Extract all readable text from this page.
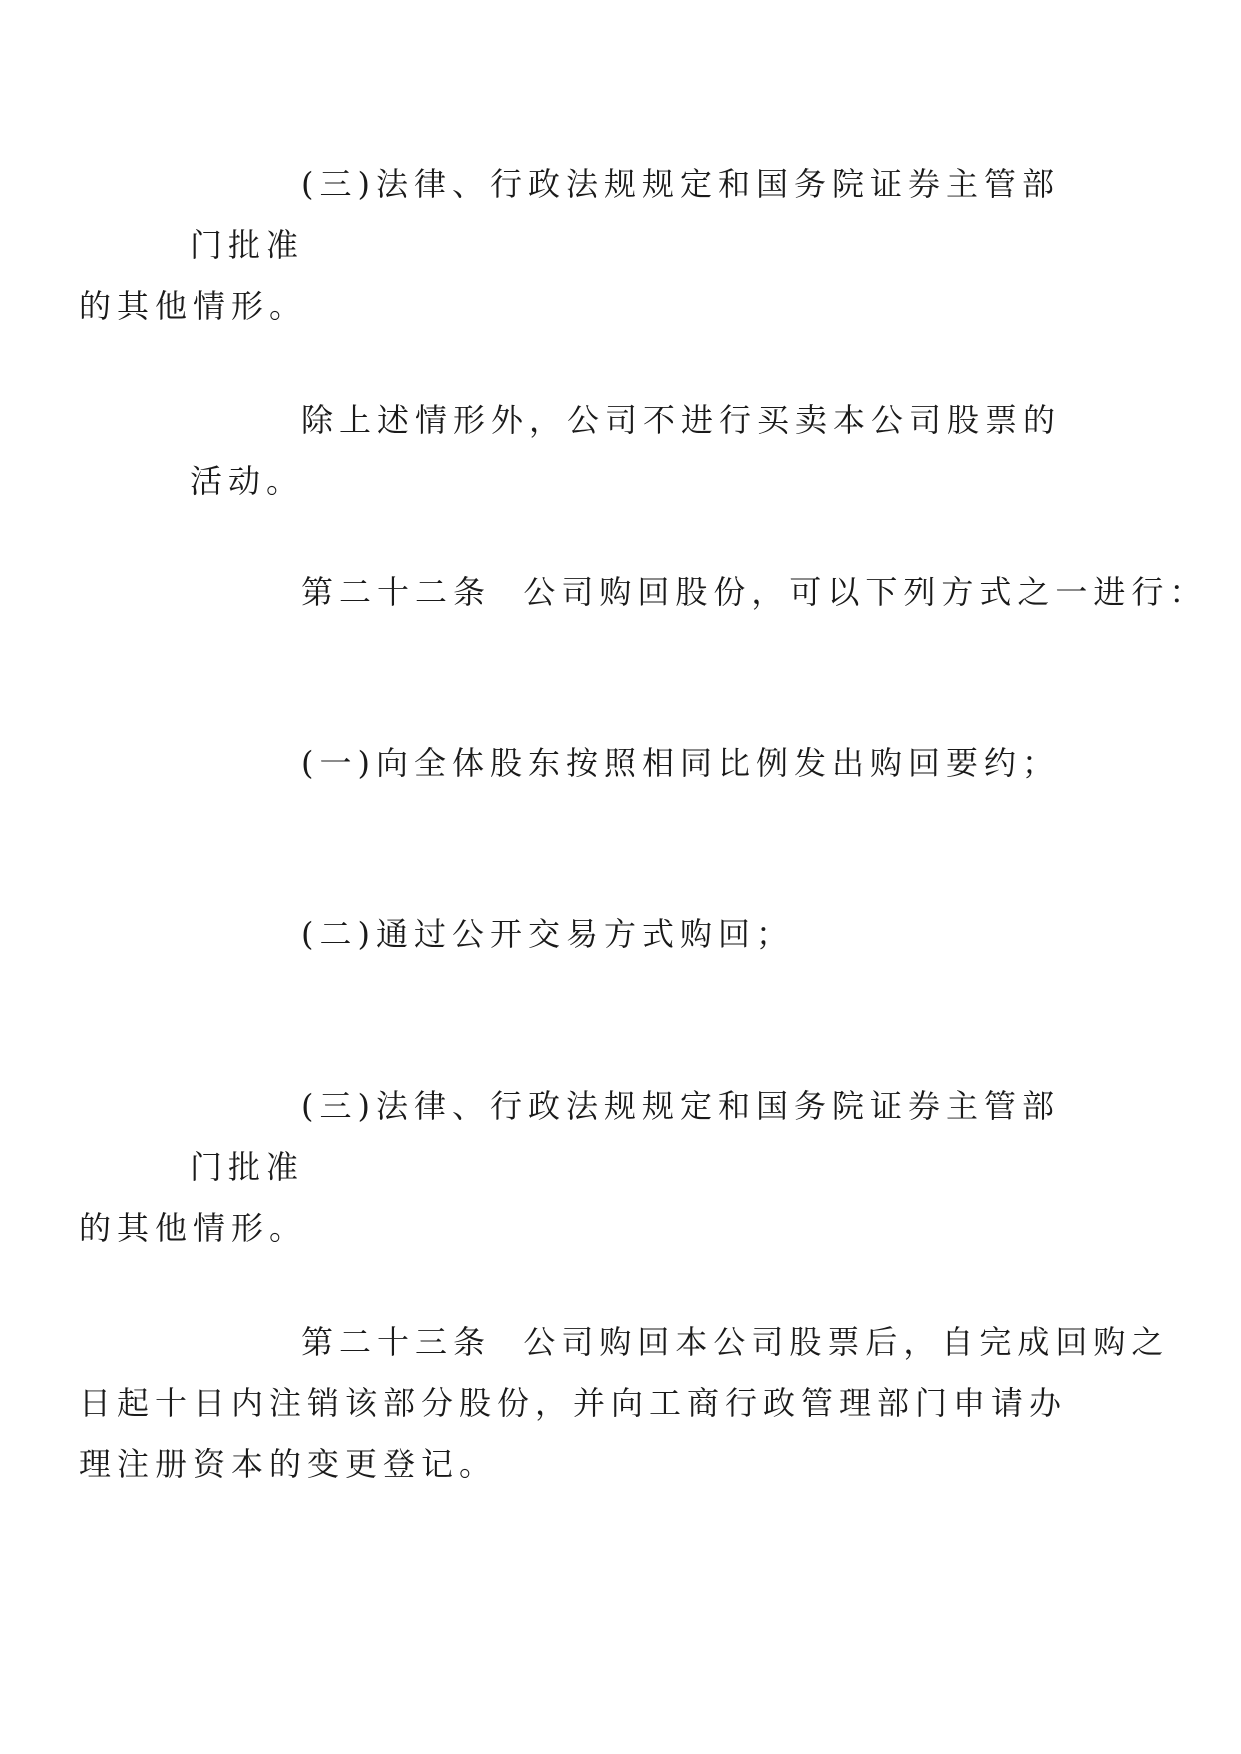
(三)法律、行政法规规定和国务院证券主管部门批准
的其他情形。

除上述情形外，公司不进行买卖本公司股票的活动。

第二十二条  公司购回股份，可以下列方式之一进行：

(一)向全体股东按照相同比例发出购回要约；

(二)通过公开交易方式购回；

(三)法律、行政法规规定和国务院证券主管部门批准
的其他情形。

第二十三条  公司购回本公司股票后，自完成回购之
日起十日内注销该部分股份，并向工商行政管理部门申请办
理注册资本的变更登记。
